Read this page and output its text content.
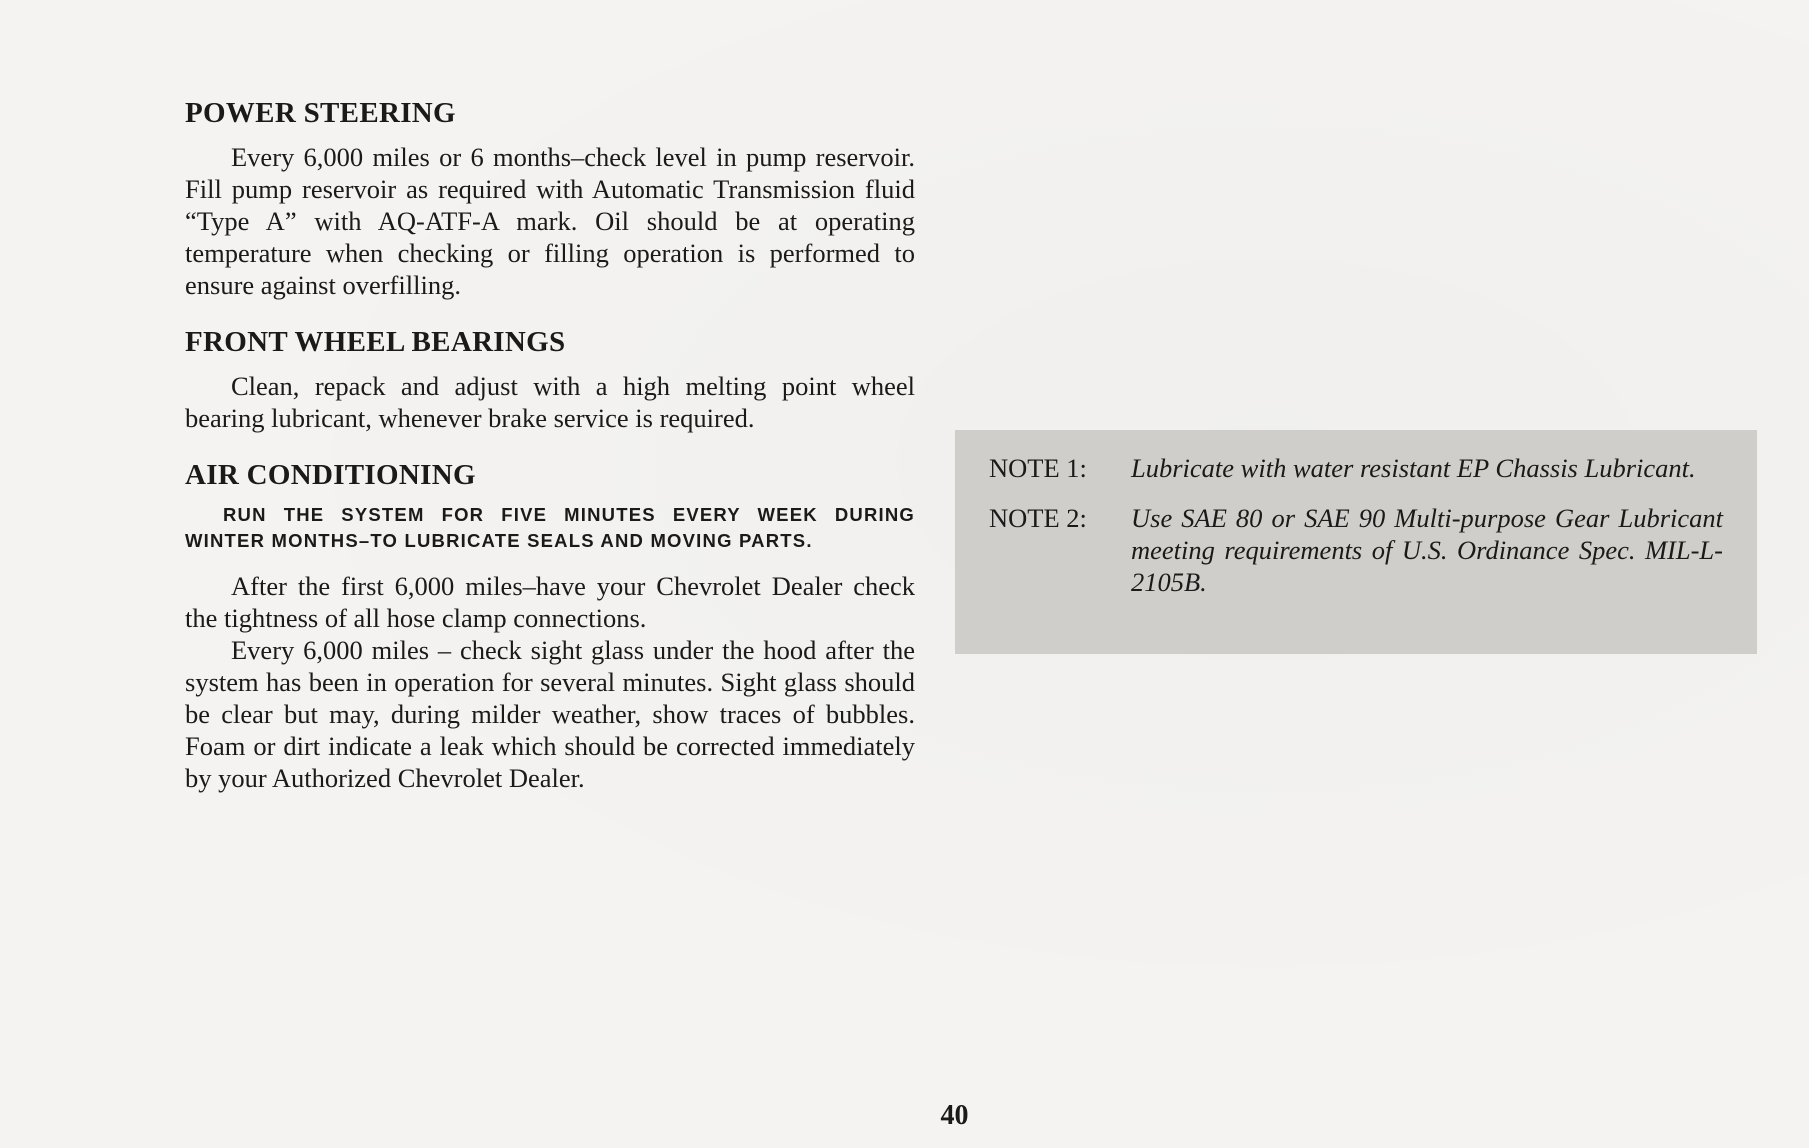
POWER STEERING

Every 6,000 miles or 6 months–check level in pump reservoir. Fill pump reservoir as required with Automatic Transmission fluid “Type A” with AQ-ATF-A mark. Oil should be at operating temperature when checking or filling operation is performed to ensure against overfilling.

FRONT WHEEL BEARINGS

Clean, repack and adjust with a high melting point wheel bearing lubricant, whenever brake service is required.

AIR CONDITIONING

RUN THE SYSTEM FOR FIVE MINUTES EVERY WEEK DURING WINTER MONTHS–TO LUBRICATE SEALS AND MOVING PARTS.

After the first 6,000 miles–have your Chevrolet Dealer check the tightness of all hose clamp connections.

Every 6,000 miles – check sight glass under the hood after the system has been in operation for several minutes. Sight glass should be clear but may, during milder weather, show traces of bubbles. Foam or dirt indicate a leak which should be corrected immediately by your Authorized Chevrolet Dealer.

NOTE 1:	Lubricate with water resistant EP Chassis Lubricant.
NOTE 2:	Use SAE 80 or SAE 90 Multi-purpose Gear Lubricant meeting requirements of U.S. Ordinance Spec. MIL-L-2105B.
40
